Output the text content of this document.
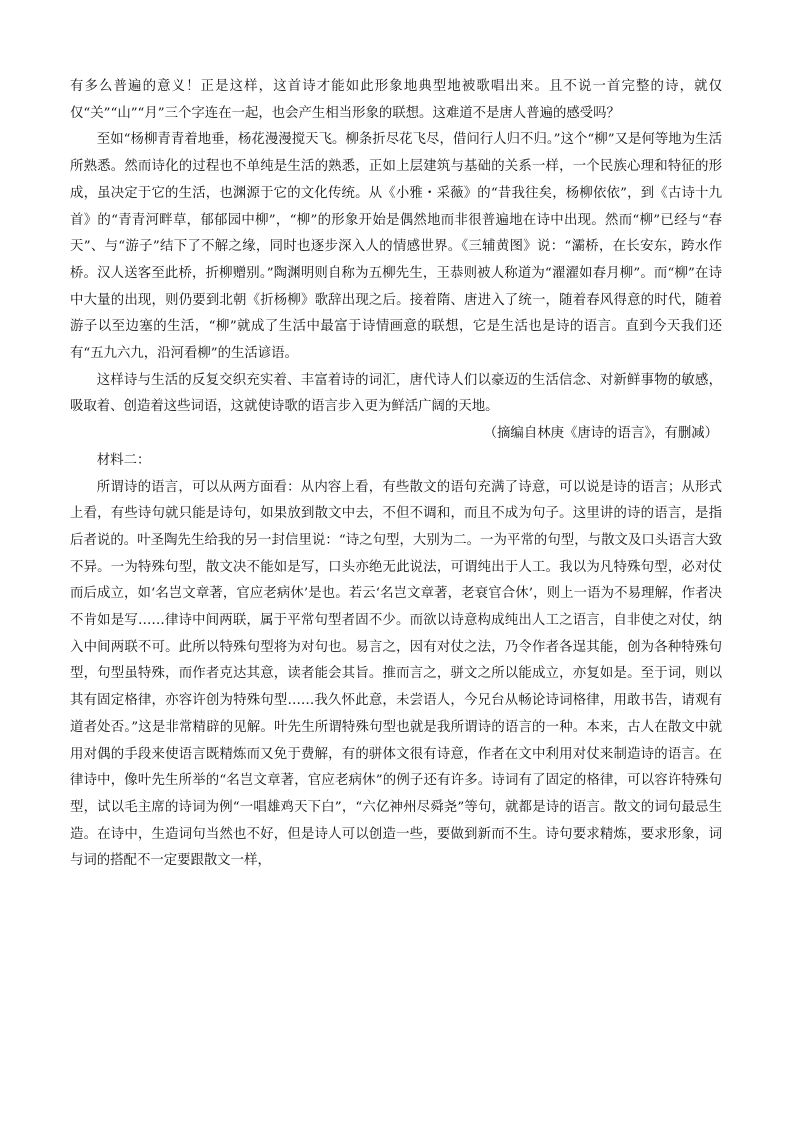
有多么普遍的意义！正是这样，这首诗才能如此形象地典型地被歌唱出来。且不说一首完整的诗，就仅仅“关”“山”“月”三个字连在一起，也会产生相当形象的联想。这难道不是唐人普遍的感受吗？

至如“杨柳青青着地垂，杨花漫漫搅天飞。柳条折尽花飞尽，借问行人归不归。”这个“柳”又是何等地为生活所熟悉。然而诗化的过程也不单纯是生活的熟悉，正如上层建筑与基础的关系一样，一个民族心理和特征的形成，虽决定于它的生活，也渊源于它的文化传统。从《小雅・采薇》的“昔我往矣，杨柳依依”，到《古诗十九首》的“青青河畔草，郁郁园中柳”，“柳”的形象开始是偶然地而非很普遍地在诗中出现。然而“柳”已经与“春天”、与“游子”结下了不解之缘，同时也逐步深入人的情感世界。《三辅黄图》说：“灞桥，在长安东，跨水作桥。汉人送客至此桥，折柳赠别。”陶渊明则自称为五柳先生，王恭则被人称道为“濯濯如春月柳”。而“柳”在诗中大量的出现，则仍要到北朝《折杨柳》歌辞出现之后。接着隋、唐进入了统一，随着春风得意的时代，随着游子以至边塞的生活，“柳”就成了生活中最富于诗情画意的联想，它是生活也是诗的语言。直到今天我们还有“五九六九，沿河看柳”的生活谚语。

这样诗与生活的反复交织充实着、丰富着诗的词汇，唐代诗人们以豪迈的生活信念、对新鲜事物的敏感，吸取着、创造着这些词语，这就使诗歌的语言步入更为鲜活广阔的天地。

（摘编自林庚《唐诗的语言》，有删减）

材料二：

所谓诗的语言，可以从两方面看：从内容上看，有些散文的语句充满了诗意，可以说是诗的语言；从形式上看，有些诗句就只能是诗句，如果放到散文中去，不但不调和，而且不成为句子。这里讲的诗的语言，是指后者说的。叶圣陶先生给我的另一封信里说：“诗之句型，大别为二。一为平常的句型，与散文及口头语言大致不异。一为特殊句型，散文决不能如是写，口头亦绝无此说法，可谓纯出于人工。我以为凡特殊句型，必对仗而后成立，如‘名岂文章著，官应老病休’是也。若云‘名岂文章著，老衰官合休’，则上一语为不易理解，作者决不肯如是写……律诗中间两联，属于平常句型者固不少。而欲以诗意构成纯出人工之语言，自非使之对仗，纳入中间两联不可。此所以特殊句型将为对句也。易言之，因有对仗之法，乃令作者各逞其能，创为各种特殊句型，句型虽特殊，而作者克达其意，读者能会其旨。推而言之，骈文之所以能成立，亦复如是。至于词，则以其有固定格律，亦容许创为特殊句型……我久怀此意，未尝语人，今兄台从畅论诗词格律，用敢书告，请观有道者处否。”这是非常精辟的见解。叶先生所谓特殊句型也就是我所谓诗的语言的一种。本来，古人在散文中就用对偶的手段来使语言既精炼而又免于费解，有的骈体文很有诗意，作者在文中利用对仗来制造诗的语言。在律诗中，像叶先生所举的“名岂文章著，官应老病休”的例子还有许多。诗词有了固定的格律，可以容许特殊句型，试以毛主席的诗词为例“一唱雄鸡天下白”，“六亿神州尽舜尧”等句，就都是诗的语言。散文的词句最忌生造。在诗中，生造词句当然也不好，但是诗人可以创造一些，要做到新而不生。诗句要求精炼，要求形象，词与词的搭配不一定要跟散文一样，
